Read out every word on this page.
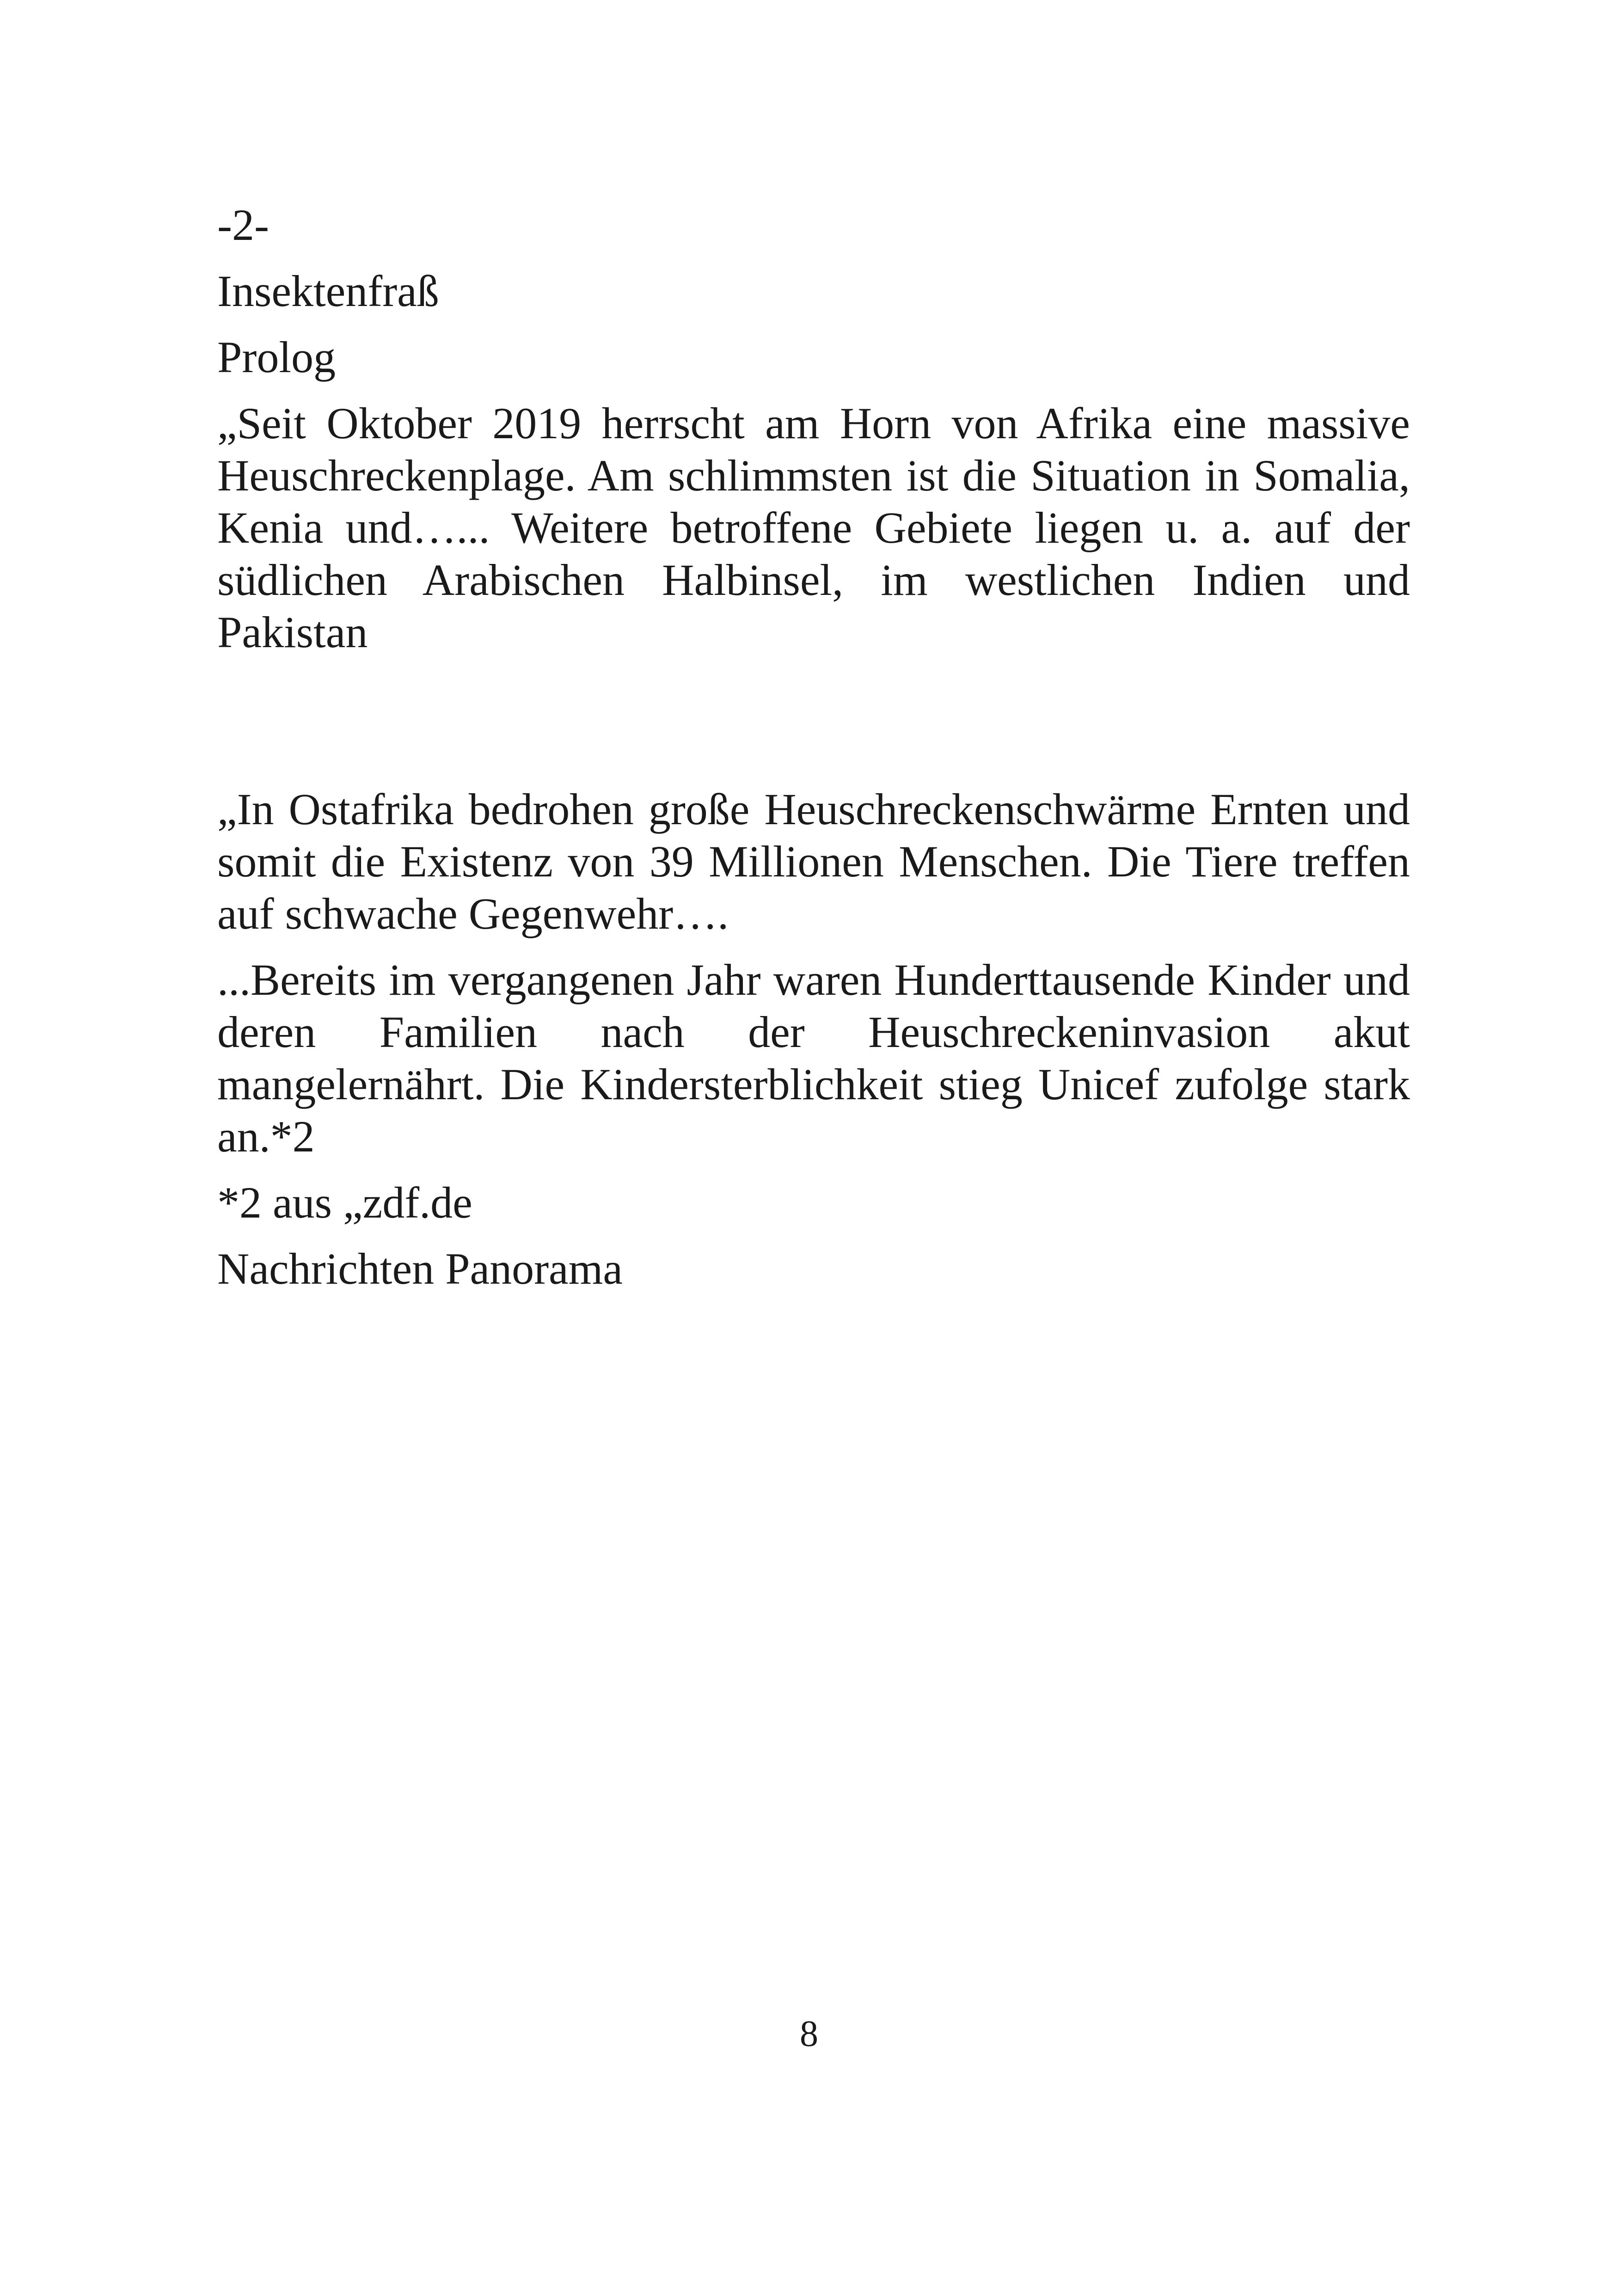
-2-

Insektenfraß

Prolog

„Seit Oktober 2019 herrscht am Horn von Afrika eine massive Heuschreckenplage. Am schlimmsten ist die Situation in Somalia, Kenia und…... Weitere betroffene Gebiete liegen u. a. auf der südlichen Arabischen Halbinsel, im westlichen Indien und Pakistan

„In Ostafrika bedrohen große Heuschreckenschwärme Ernten und somit die Existenz von 39 Millionen Menschen. Die Tiere treffen auf schwache Gegenwehr….

...Bereits im vergangenen Jahr waren Hunderttausende Kinder und deren Familien nach der Heuschreckeninvasion akut mangelernährt. Die Kindersterblichkeit stieg Unicef zufolge stark an.*2

*2 aus „zdf.de

Nachrichten Panorama

8
